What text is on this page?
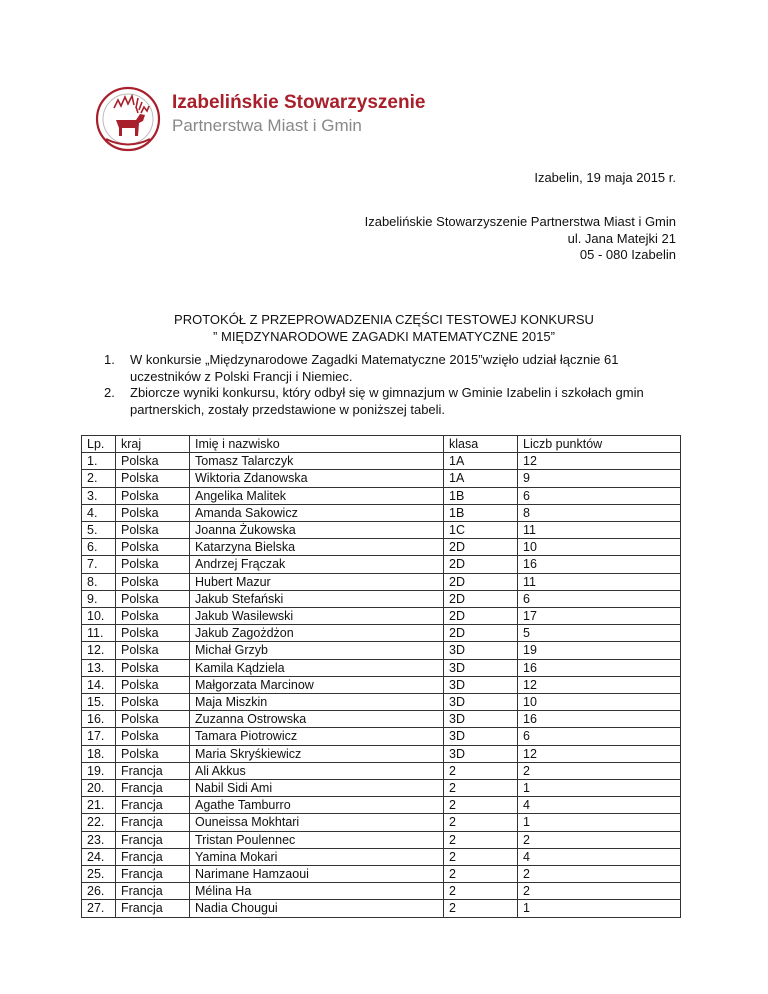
Izabelińskie Stowarzyszenie
Partnerstwa Miast i Gmin
Izabelin, 19 maja 2015 r.
Izabelińskie Stowarzyszenie Partnerstwa Miast i Gmin
ul. Jana Matejki 21
05 - 080 Izabelin
PROTOKÓŁ Z PRZEPROWADZENIA CZĘŚCI TESTOWEJ KONKURSU
” MIĘDZYNARODOWE ZAGADKI MATEMATYCZNE 2015”
1. W konkursie „Międzynarodowe Zagadki Matematyczne 2015”wzięło udział łącznie 61 uczestników z Polski Francji i Niemiec.
2. Zbiorcze wyniki konkursu, który odbył się w gimnazjum w Gminie Izabelin i szkołach gmin partnerskich, zostały przedstawione w poniższej tabeli.
Lp.	kraj	Imię i nazwisko	klasa	Liczb punktów
1.	Polska	Tomasz Talarczyk	1A	12
2.	Polska	Wiktoria Zdanowska	1A	9
3.	Polska	Angelika Malitek	1B	6
4.	Polska	Amanda Sakowicz	1B	8
5.	Polska	Joanna Żukowska	1C	11
6.	Polska	Katarzyna Bielska	2D	10
7.	Polska	Andrzej Frączak	2D	16
8.	Polska	Hubert Mazur	2D	11
9.	Polska	Jakub Stefański	2D	6
10.	Polska	Jakub Wasilewski	2D	17
11.	Polska	Jakub Zagożdżon	2D	5
12.	Polska	Michał Grzyb	3D	19
13.	Polska	Kamila Kądziela	3D	16
14.	Polska	Małgorzata Marcinow	3D	12
15.	Polska	Maja Miszkin	3D	10
16.	Polska	Zuzanna Ostrowska	3D	16
17.	Polska	Tamara Piotrowicz	3D	6
18.	Polska	Maria Skryśkiewicz	3D	12
19.	Francja	Ali Akkus	2	2
20.	Francja	Nabil Sidi Ami	2	1
21.	Francja	Agathe Tamburro	2	4
22.	Francja	Ouneissa Mokhtari	2	1
23.	Francja	Tristan Poulennec	2	2
24.	Francja	Yamina Mokari	2	4
25.	Francja	Narimane Hamzaoui	2	2
26.	Francja	Mélina Ha	2	2
27.	Francja	Nadia Chougui	2	1
